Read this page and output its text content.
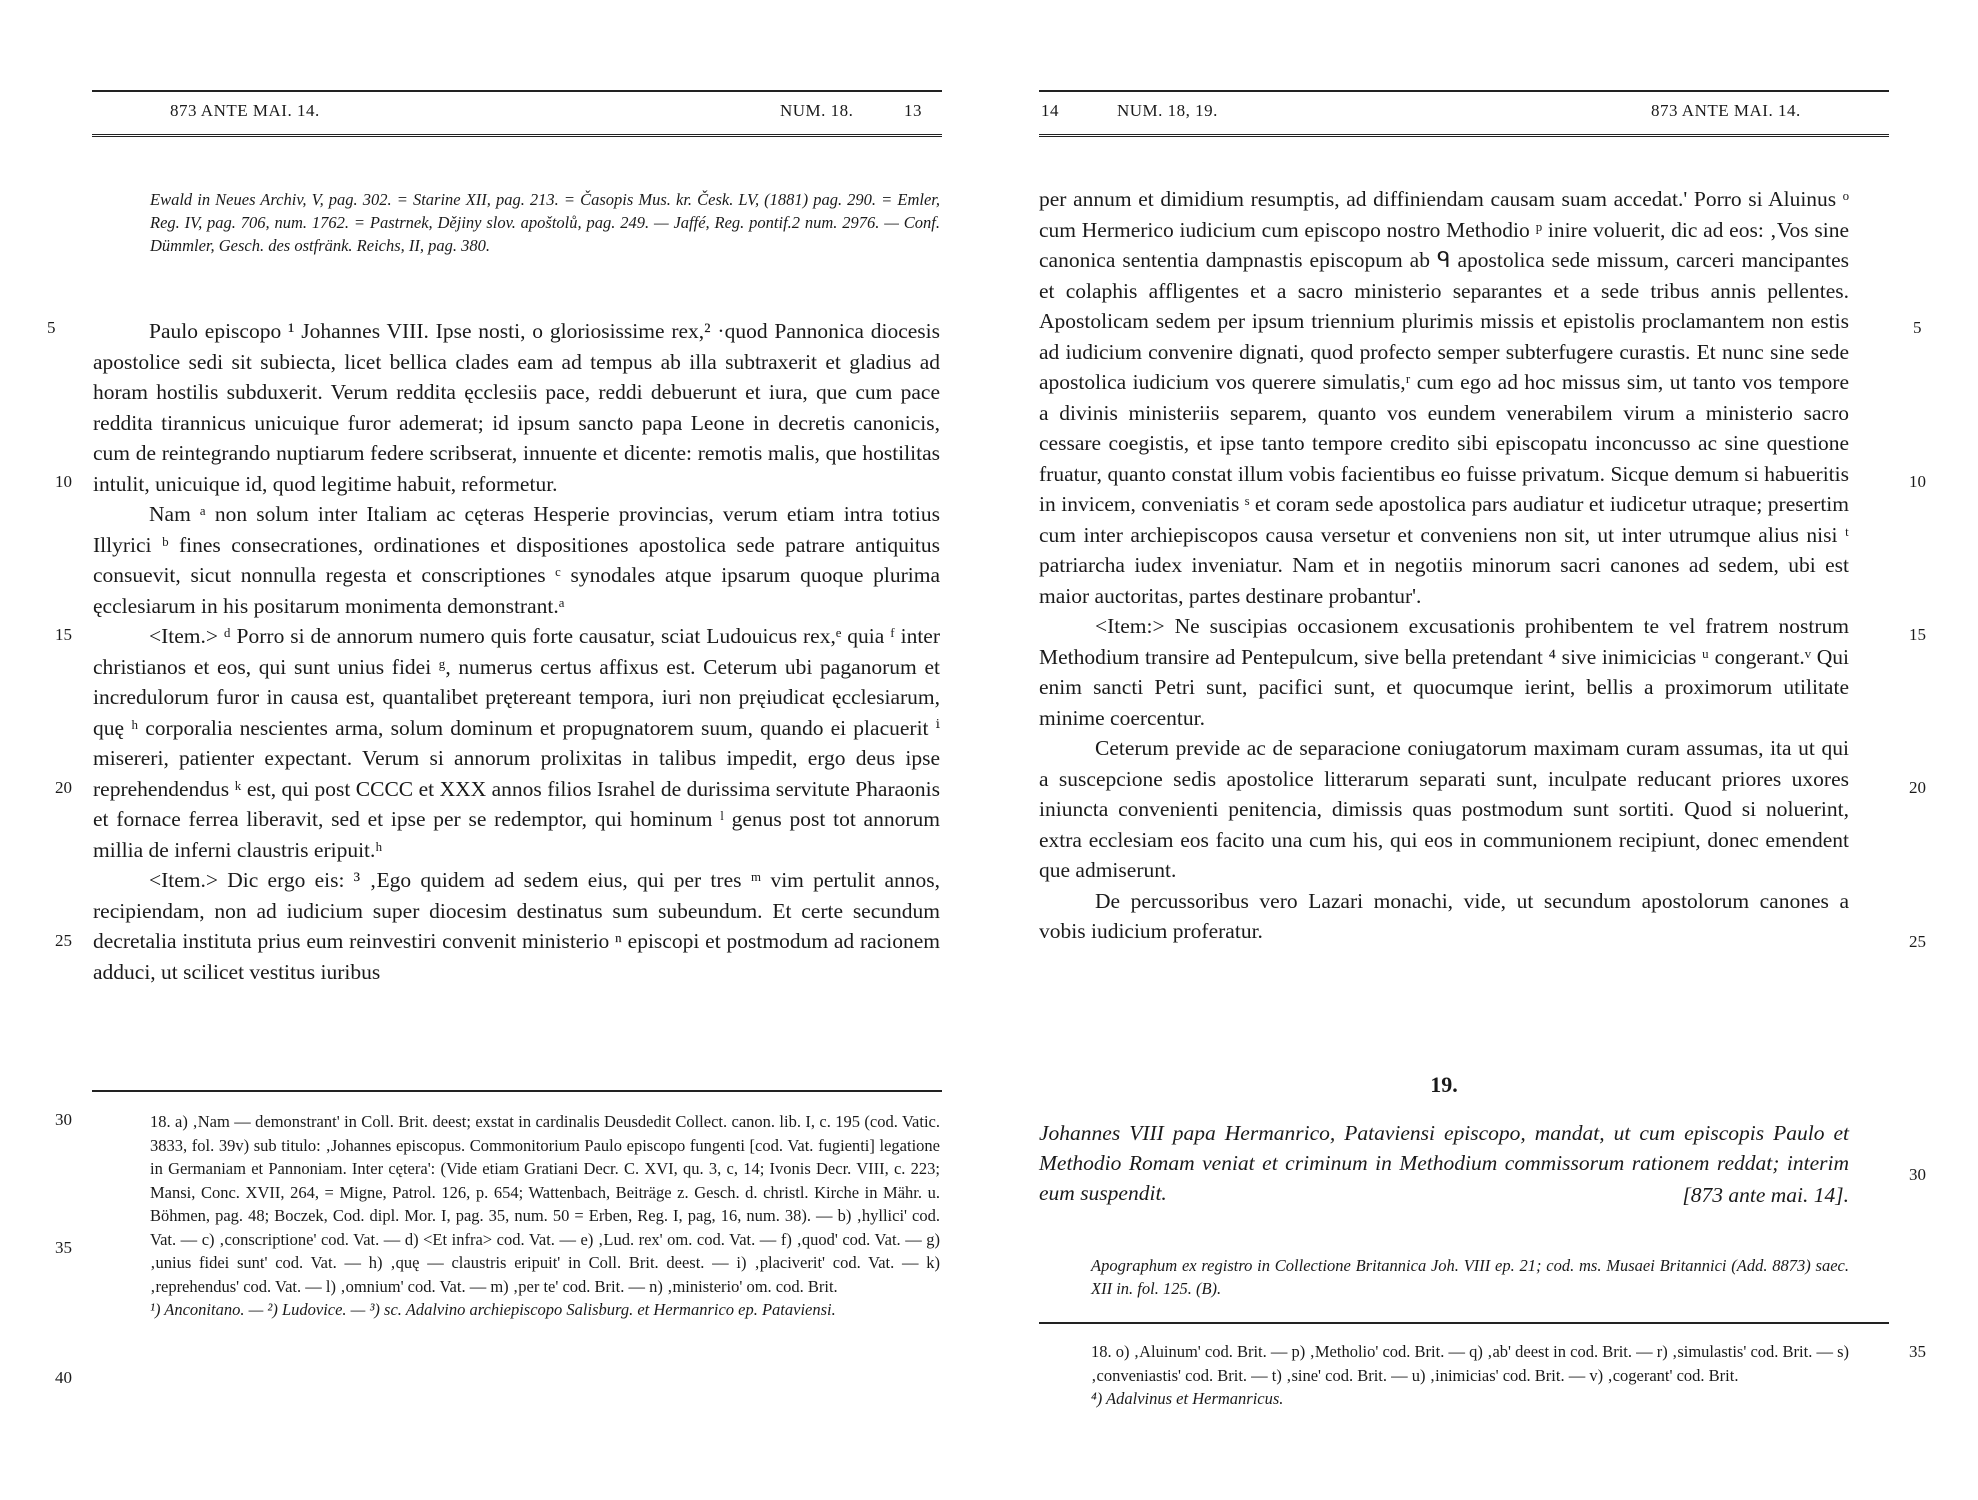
873 ANTE MAI. 14.	NUM. 18.	13
Ewald in Neues Archiv, V, pag. 302. = Starine XII, pag. 213. = Časopis Mus. kr. Česk. LV, (1881) pag. 290. = Emler, Reg. IV, pag. 706, num. 1762. = Pastrnek, Dějiny slov. apoštolů, pag. 249. — Jaffé, Reg. pontif.2 num. 2976. — Conf. Dümmler, Gesch. des ostfränk. Reichs, II, pag. 380.

Paulo episcopo ¹ Johannes VIII. Ipse nosti, o gloriosissime rex,² ·quod Pannonica diocesis apostolice sedi sit subiecta, licet bellica clades eam ad tempus ab illa subtraxerit et gladius ad horam hostilis subduxerit. Verum reddita ęcclesiis pace, reddi debuerunt et iura, que cum pace reddita tirannicus unicuique furor ademerat; id ipsum sancto papa Leone in decretis canonicis, cum de reintegrando nuptiarum federe scribserat, innuente et dicente: remotis malis, que hostilitas intulit, unicuique id, quod legitime habuit, reformetur.

Nam ᵃ non solum inter Italiam ac cęteras Hesperie provincias, verum etiam intra totius Illyrici ᵇ fines consecrationes, ordinationes et dispositiones apostolica sede patrare antiquitus consuevit, sicut nonnulla regesta et conscriptiones ᶜ synodales atque ipsarum quoque plurima ęcclesiarum in his positarum monimenta demonstrant.ᵃ

<Item.> ᵈ Porro si de annorum numero quis forte causatur, sciat Ludouicus rex,ᵉ quia ᶠ inter christianos et eos, qui sunt unius fidei ᵍ, numerus certus affixus est. Ceterum ubi paganorum et incredulorum furor in causa est, quantalibet prętereant tempora, iuri non pręiudicat ęcclesiarum, quę ʰ corporalia nescientes arma, solum dominum et propugnatorem suum, quando ei placuerit ⁱ misereri, patienter expectant. Verum si annorum prolixitas in talibus impedit, ergo deus ipse reprehendendus ᵏ est, qui post CCCC et XXX annos filios Israhel de durissima servitute Pharaonis et fornace ferrea liberavit, sed et ipse per se redemptor, qui hominum ˡ genus post tot annorum millia de inferni claustris eripuit.ʰ

<Item.> Dic ergo eis: ³ ‚Ego quidem ad sedem eius, qui per tres ᵐ vim pertulit annos, recipiendam, non ad iudicium super diocesim destinatus sum subeundum. Et certe secundum decretalia instituta prius eum reinvestiri convenit ministerio ⁿ episcopi et postmodum ad racionem adduci, ut scilicet vestitus iuribus

5
10
15
20
25
30
35
40

18. a) ‚Nam — demonstrant' in Coll. Brit. deest; exstat in cardinalis Deusdedit Collect. canon. lib. I, c. 195 (cod. Vatic. 3833, fol. 39v) sub titulo: ‚Johannes episcopus. Commonitorium Paulo episcopo fungenti [cod. Vat. fugienti] legatione in Germaniam et Pannoniam. Inter cętera': (Vide etiam Gratiani Decr. C. XVI, qu. 3, c, 14; Ivonis Decr. VIII, c. 223; Mansi, Conc. XVII, 264, = Migne, Patrol. 126, p. 654; Wattenbach, Beiträge z. Gesch. d. christl. Kirche in Mähr. u. Böhmen, pag. 48; Boczek, Cod. dipl. Mor. I, pag. 35, num. 50 = Erben, Reg. I, pag, 16, num. 38). — b) ‚hyllici' cod. Vat. — c) ‚conscriptione' cod. Vat. — d) <Et infra> cod. Vat. — e) ‚Lud. rex' om. cod. Vat. — f) ‚quod' cod. Vat. — g) ‚unius fidei sunt' cod. Vat. — h) ‚quę — claustris eripuit' in Coll. Brit. deest. — i) ‚placiverit' cod. Vat. — k) ‚reprehendus' cod. Vat. — l) ‚omnium' cod. Vat. — m) ‚per te' cod. Brit. — n) ‚ministerio' om. cod. Brit.

¹) Anconitano. — ²) Ludovice. — ³) sc. Adalvino archiepiscopo Salisburg. et Hermanrico ep. Pataviensi.

14	NUM. 18, 19.	873 ANTE MAI. 14.

per annum et dimidium resumptis, ad diffiniendam causam suam accedat.' Porro si Aluinus ᵒ cum Hermerico iudicium cum episcopo nostro Methodio ᵖ inire voluerit, dic ad eos: ‚Vos sine canonica sententia dampnastis episcopum ab ᑫ apostolica sede missum, carceri mancipantes et colaphis affligentes et a sacro ministerio separantes et a sede tribus annis pellentes. Apostolicam sedem per ipsum triennium plurimis missis et epistolis proclamantem non estis ad iudicium convenire dignati, quod profecto semper subterfugere curastis. Et nunc sine sede apostolica iudicium vos querere simulatis,ʳ cum ego ad hoc missus sim, ut tanto vos tempore a divinis ministeriis separem, quanto vos eundem venerabilem virum a ministerio sacro cessare coegistis, et ipse tanto tempore credito sibi episcopatu inconcusso ac sine questione fruatur, quanto constat illum vobis facientibus eo fuisse privatum. Sicque demum si habueritis in invicem, conveniatis ˢ et coram sede apostolica pars audiatur et iudicetur utraque; presertim cum inter archiepiscopos causa versetur et conveniens non sit, ut inter utrumque alius nisi ᵗ patriarcha iudex inveniatur. Nam et in negotiis minorum sacri canones ad sedem, ubi est maior auctoritas, partes destinare probantur'.

<Item:> Ne suscipias occasionem excusationis prohibentem te vel fratrem nostrum Methodium transire ad Pentepulcum, sive bella pretendant ⁴ sive inimicicias ᵘ congerant.ᵛ Qui enim sancti Petri sunt, pacifici sunt, et quocumque ierint, bellis a proximorum utilitate minime coercentur.

Ceterum previde ac de separacione coniugatorum maximam curam assumas, ita ut qui a suscepcione sedis apostolice litterarum separati sunt, inculpate reducant priores uxores iniuncta convenienti penitencia, dimissis quas postmodum sunt sortiti. Quod si noluerint, extra ecclesiam eos facito una cum his, qui eos in communionem recipiunt, donec emendent que admiserunt.

De percussoribus vero Lazari monachi, vide, ut secundum apostolorum canones a vobis iudicium proferatur.

5
10
15
20
25
30
35
19.
Johannes VIII papa Hermanrico, Pataviensi episcopo, mandat, ut cum episcopis Paulo et Methodio Romam veniat et criminum in Methodium commissorum rationem reddat; interim eum suspendit.	[873 ante mai. 14].
Apographum ex registro in Collectione Britannica Joh. VIII ep. 21; cod. ms. Musaei Britannici (Add. 8873) saec. XII in. fol. 125. (B).

18. o) ‚Aluinum' cod. Brit. — p) ‚Metholio' cod. Brit. — q) ‚ab' deest in cod. Brit. — r) ‚simulastis' cod. Brit. — s) ‚conveniastis' cod. Brit. — t) ‚sine' cod. Brit. — u) ‚inimicias' cod. Brit. — v) ‚cogerant' cod. Brit.

⁴) Adalvinus et Hermanricus.
